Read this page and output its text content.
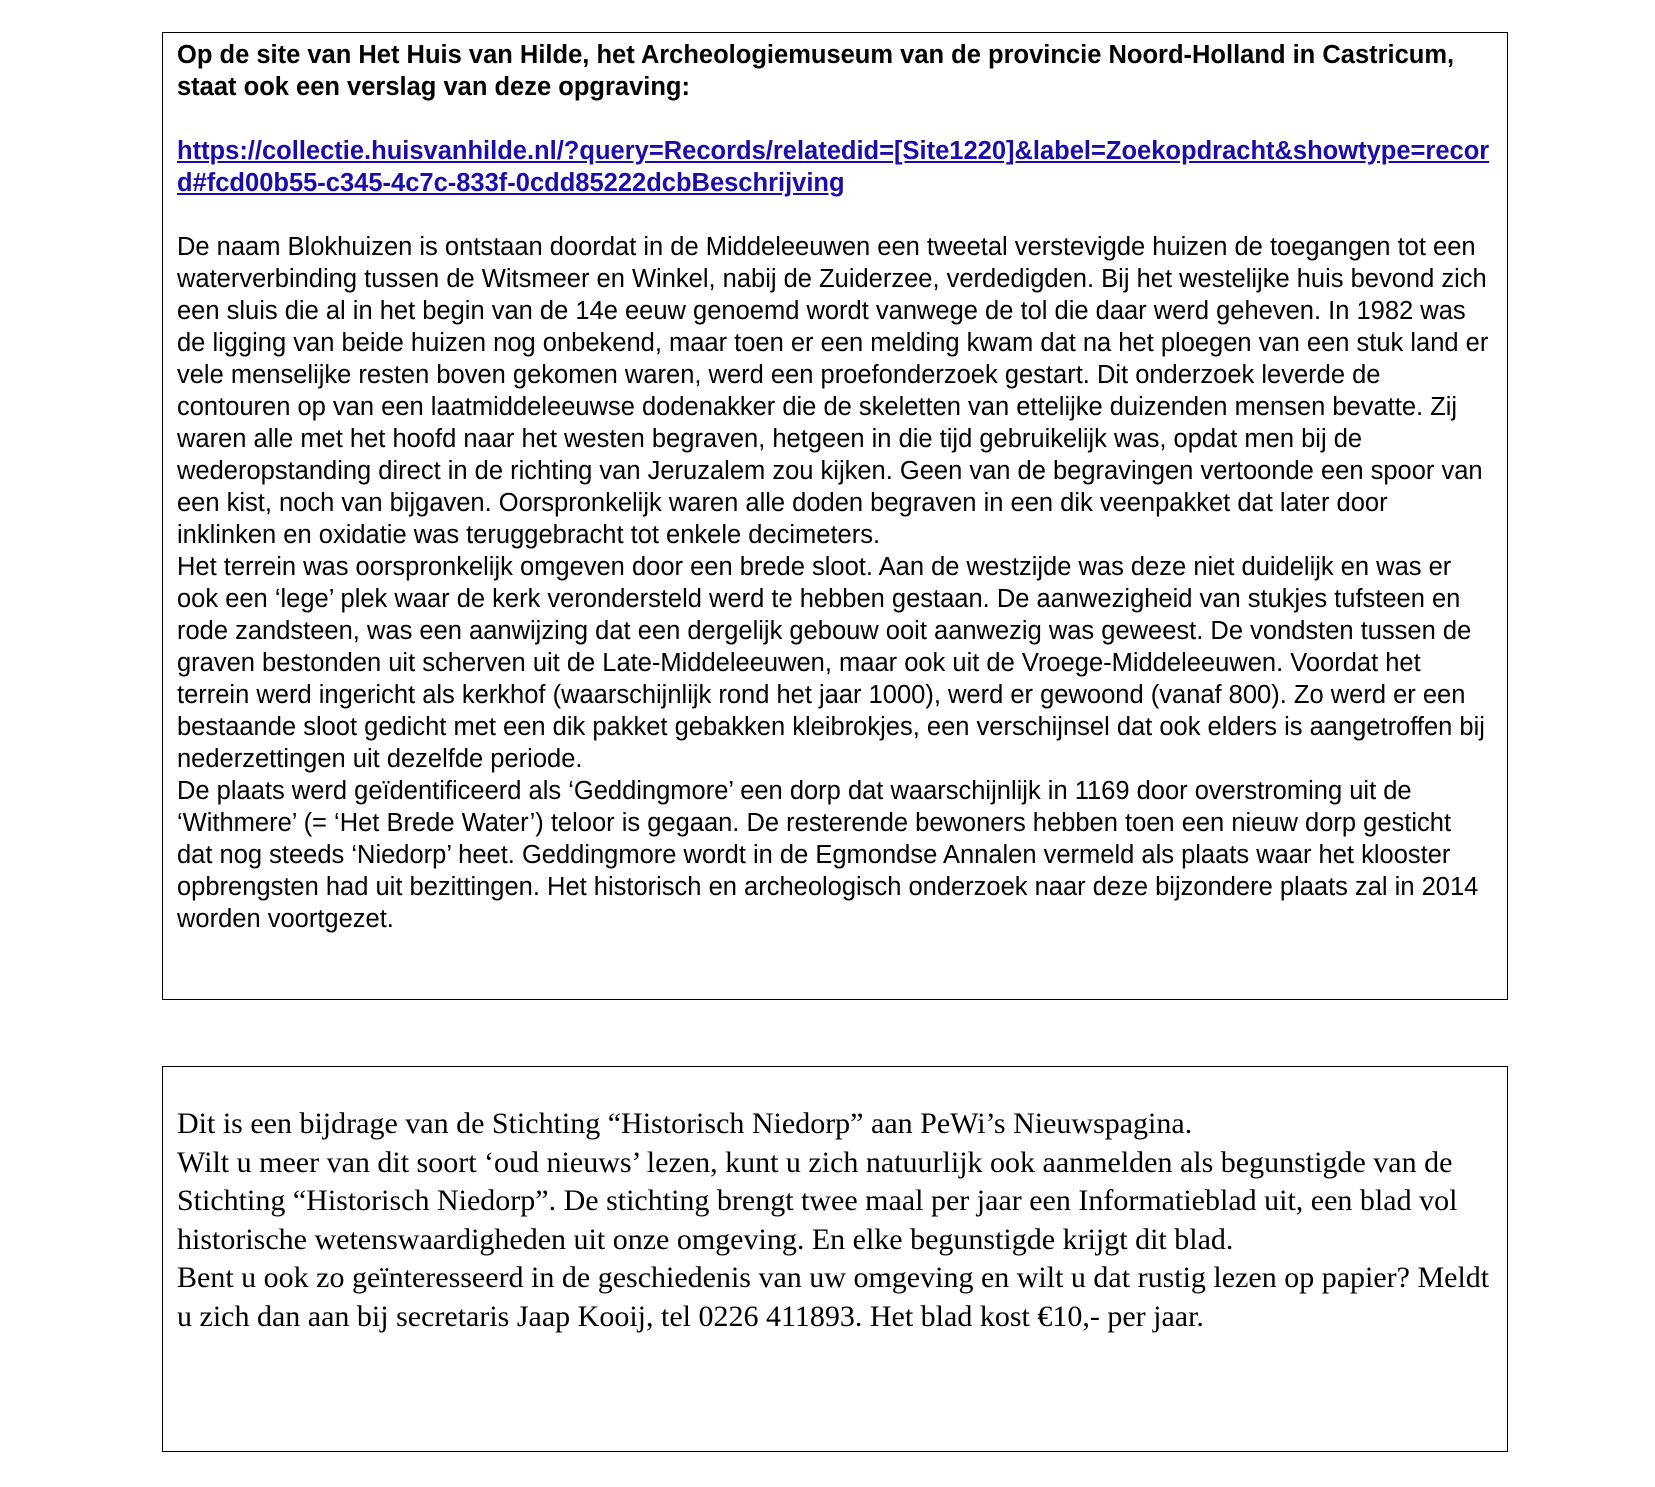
Op de site van Het Huis van Hilde, het Archeologiemuseum van de provincie Noord-Holland in Castricum, staat ook een verslag van deze opgraving:

https://collectie.huisvanhilde.nl/?query=Records/relatedid=[Site1220]&label=Zoekopdracht&showtype=record#fcd00b55-c345-4c7c-833f-0cdd85222dcbBeschrijving

De naam Blokhuizen is ontstaan doordat in de Middeleeuwen een tweetal verstevigde huizen de toegangen tot een waterverbinding tussen de Witsmeer en Winkel, nabij de Zuiderzee, verdedigden. Bij het westelijke huis bevond zich een sluis die al in het begin van de 14e eeuw genoemd wordt vanwege de tol die daar werd geheven. In 1982 was de ligging van beide huizen nog onbekend, maar toen er een melding kwam dat na het ploegen van een stuk land er vele menselijke resten boven gekomen waren, werd een proefonderzoek gestart. Dit onderzoek leverde de contouren op van een laatmiddeleeuwse dodenakker die de skeletten van ettelijke duizenden mensen bevatte. Zij waren alle met het hoofd naar het westen begraven, hetgeen in die tijd gebruikelijk was, opdat men bij de wederopstanding direct in de richting van Jeruzalem zou kijken. Geen van de begravingen vertoonde een spoor van een kist, noch van bijgaven. Oorspronkelijk waren alle doden begraven in een dik veenpakket dat later door inklinken en oxidatie was teruggebracht tot enkele decimeters.

Het terrein was oorspronkelijk omgeven door een brede sloot. Aan de westzijde was deze niet duidelijk en was er ook een ‘lege’ plek waar de kerk verondersteld werd te hebben gestaan. De aanwezigheid van stukjes tufsteen en rode zandsteen, was een aanwijzing dat een dergelijk gebouw ooit aanwezig was geweest. De vondsten tussen de graven bestonden uit scherven uit de Late-Middeleeuwen, maar ook uit de Vroege-Middeleeuwen. Voordat het terrein werd ingericht als kerkhof (waarschijnlijk rond het jaar 1000), werd er gewoond (vanaf 800). Zo werd er een bestaande sloot gedicht met een dik pakket gebakken kleibrokjes, een verschijnsel dat ook elders is aangetroffen bij nederzettingen uit dezelfde periode.

De plaats werd geïdentificeerd als ‘Geddingmore’ een dorp dat waarschijnlijk in 1169 door overstroming uit de ‘Withmere’ (= ‘Het Brede Water’) teloor is gegaan. De resterende bewoners hebben toen een nieuw dorp gesticht dat nog steeds ‘Niedorp’ heet. Geddingmore wordt in de Egmondse Annalen vermeld als plaats waar het klooster opbrengsten had uit bezittingen. Het historisch en archeologisch onderzoek naar deze bijzondere plaats zal in 2014 worden voortgezet.

Dit is een bijdrage van de Stichting “Historisch Niedorp” aan PeWi’s Nieuwspagina.

Wilt u meer van dit soort ‘oud nieuws’ lezen, kunt u zich natuurlijk ook aanmelden als begunstigde van de Stichting “Historisch Niedorp”. De stichting brengt twee maal per jaar een Informatieblad uit, een blad vol historische wetenswaardigheden uit onze omgeving. En elke begunstigde krijgt dit blad.

Bent u ook zo geïnteresseerd in de geschiedenis van uw omgeving en wilt u dat rustig lezen op papier? Meldt u zich dan aan bij secretaris Jaap Kooij, tel 0226 411893. Het blad kost €10,- per jaar.
